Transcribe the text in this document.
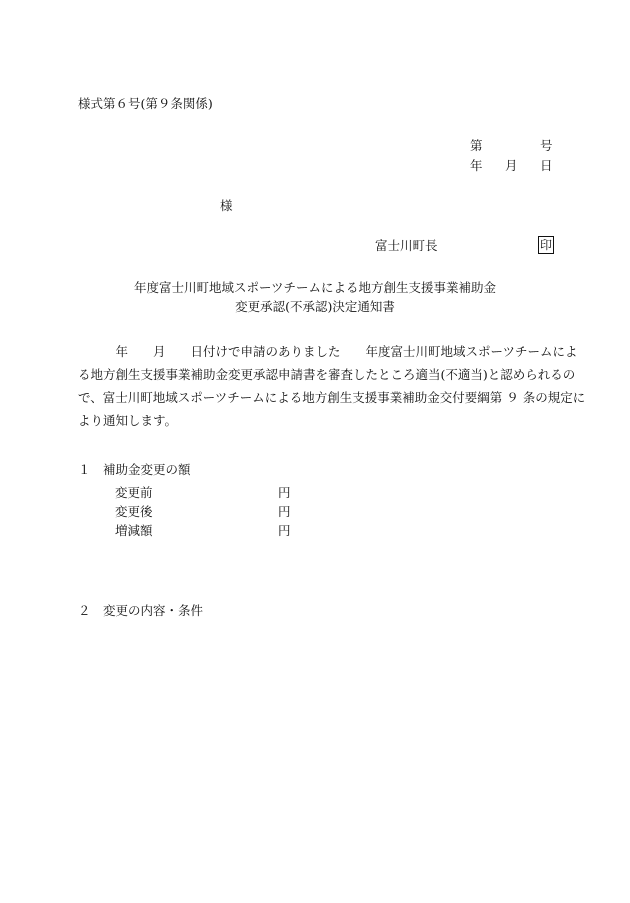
様式第６号(第９条関係)
第	号
年 月 日
様
富士川町長	印
年度富士川町地域スポーツチームによる地方創生支援事業補助金
変更承認(不承認)決定通知書
　　　年　　月　　日付けで申請のありました　　年度富士川町地域スポーツチームによ
る地方創生支援事業補助金変更承認申請書を審査したところ適当(不適当)と認められるの
で、富士川町地域スポーツチームによる地方創生支援事業補助金交付要綱第 ９ 条の規定に
より通知します。
１　補助金変更の額
変更前	円
変更後	円
増減額	円
２　変更の内容・条件
